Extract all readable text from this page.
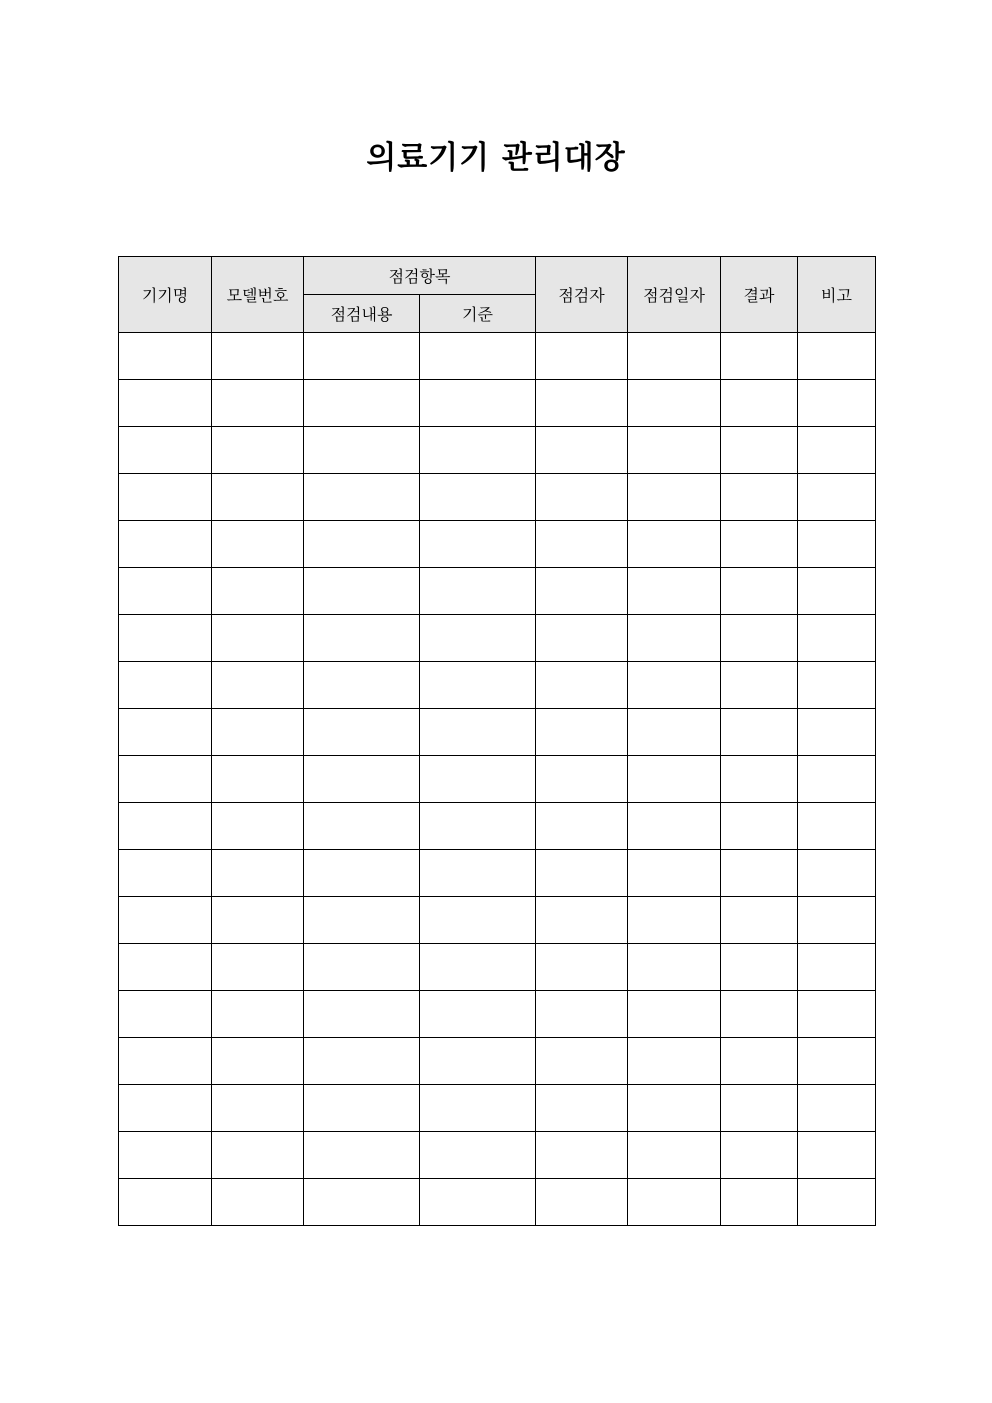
의료기기 관리대장
기기명	모델번호	점검항목		점검자	점검일자	결과	비고
		점검내용	기준				
